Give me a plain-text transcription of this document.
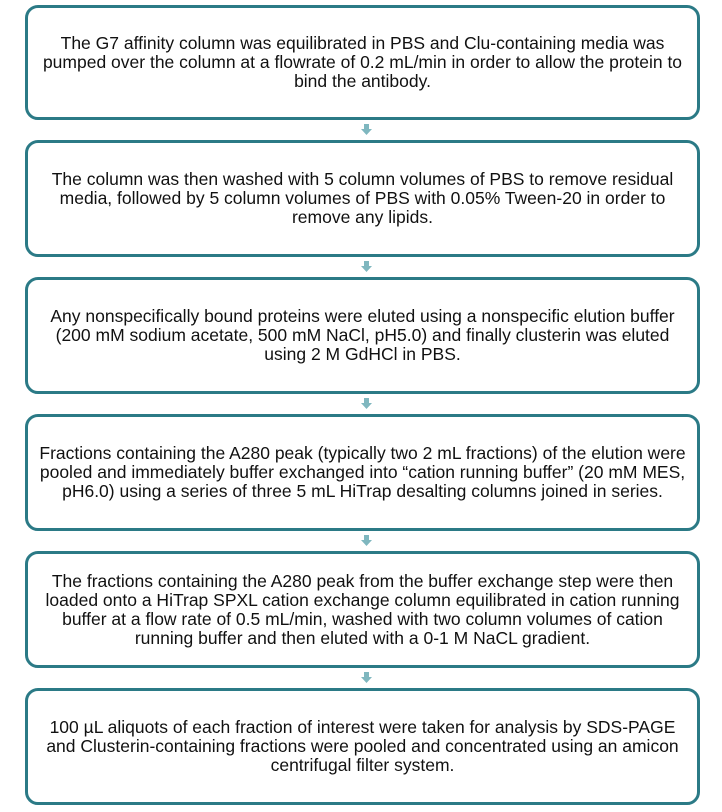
The G7 affinity column was equilibrated in PBS and Clu-containing media was pumped over the column at a flowrate of 0.2 mL/min in order to allow the protein to bind the antibody.

The column was then washed with 5 column volumes of PBS to remove residual media, followed by 5 column volumes of PBS with 0.05% Tween-20 in order to remove any lipids.

Any nonspecifically bound proteins were eluted using a nonspecific elution buffer (200 mM sodium acetate, 500 mM NaCl, pH5.0) and finally clusterin was eluted using 2 M GdHCl in PBS.

Fractions containing the A280 peak (typically two 2 mL fractions) of the elution were pooled and immediately buffer exchanged into “cation running buffer” (20 mM MES, pH6.0) using a series of three 5 mL HiTrap desalting columns joined in series.

The fractions containing the A280 peak from the buffer exchange step were then loaded onto a HiTrap SPXL cation exchange column equilibrated in cation running buffer at a flow rate of 0.5 mL/min, washed with two column volumes of cation running buffer and then eluted with a 0-1 M NaCL gradient.

100 µL aliquots of each fraction of interest were taken for analysis by SDS-PAGE and Clusterin-containing fractions were pooled and concentrated using an amicon centrifugal filter system.
